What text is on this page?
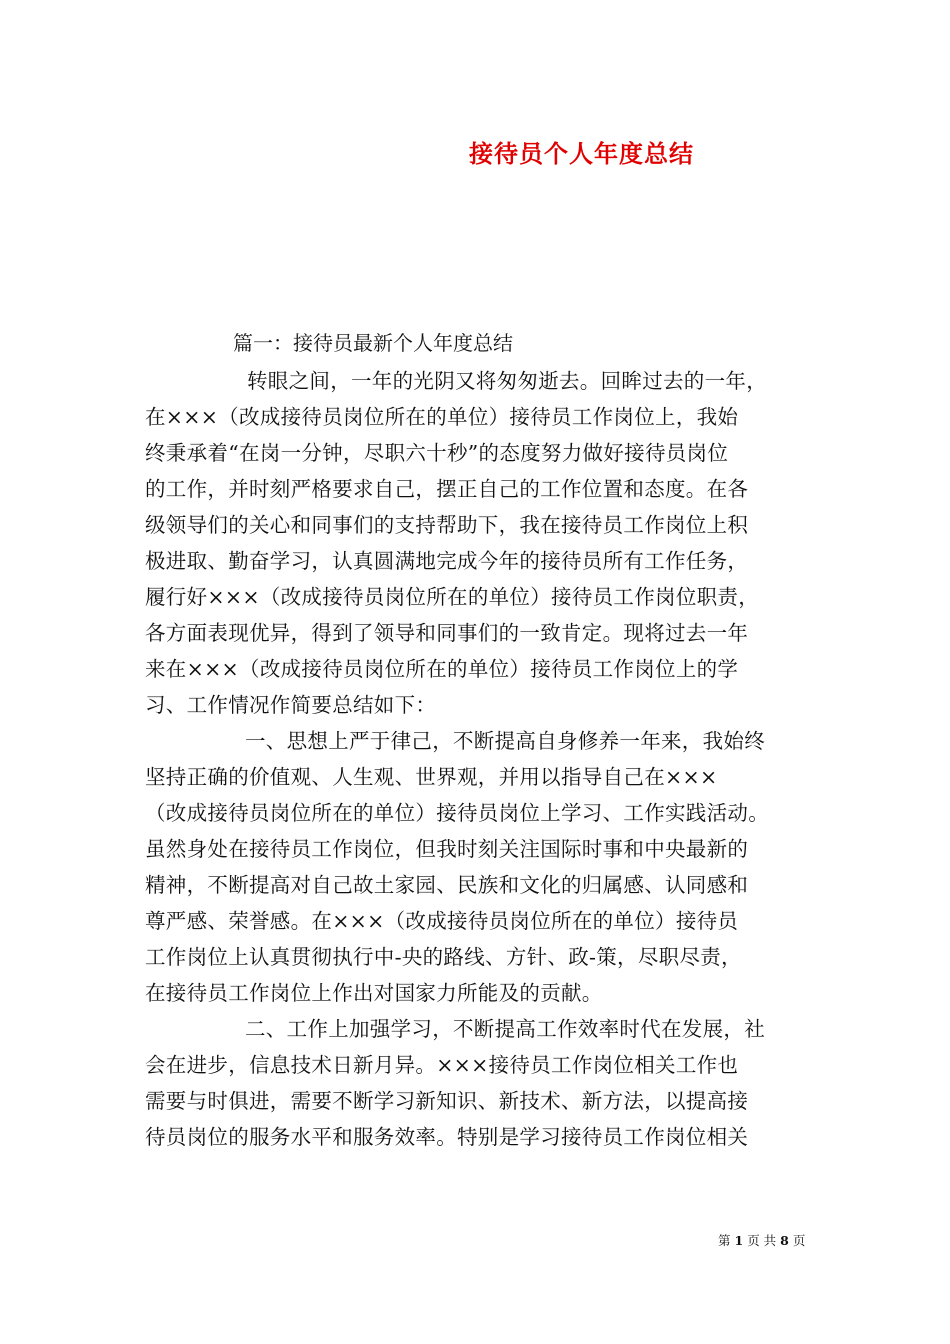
接待员个人年度总结
篇一：接待员最新个人年度总结
转眼之间，一年的光阴又将匆匆逝去。回眸过去的一年，
在×××（改成接待员岗位所在的单位）接待员工作岗位上，我始
终秉承着“在岗一分钟，尽职六十秒”的态度努力做好接待员岗位
的工作，并时刻严格要求自己，摆正自己的工作位置和态度。在各
级领导们的关心和同事们的支持帮助下，我在接待员工作岗位上积
极进取、勤奋学习，认真圆满地完成今年的接待员所有工作任务，
履行好×××（改成接待员岗位所在的单位）接待员工作岗位职责，
各方面表现优异，得到了领导和同事们的一致肯定。现将过去一年
来在×××（改成接待员岗位所在的单位）接待员工作岗位上的学
习、工作情况作简要总结如下：
一、思想上严于律己，不断提高自身修养一年来，我始终
坚持正确的价值观、人生观、世界观，并用以指导自己在×××
（改成接待员岗位所在的单位）接待员岗位上学习、工作实践活动。
虽然身处在接待员工作岗位，但我时刻关注国际时事和中央最新的
精神，不断提高对自己故土家园、民族和文化的归属感、认同感和
尊严感、荣誉感。在×××（改成接待员岗位所在的单位）接待员
工作岗位上认真贯彻执行中-央的路线、方针、政-策，尽职尽责，
在接待员工作岗位上作出对国家力所能及的贡献。
二、工作上加强学习，不断提高工作效率时代在发展，社
会在进步，信息技术日新月异。×××接待员工作岗位相关工作也
需要与时俱进，需要不断学习新知识、新技术、新方法，以提高接
待员岗位的服务水平和服务效率。特别是学习接待员工作岗位相关
第 1 页 共 8 页
